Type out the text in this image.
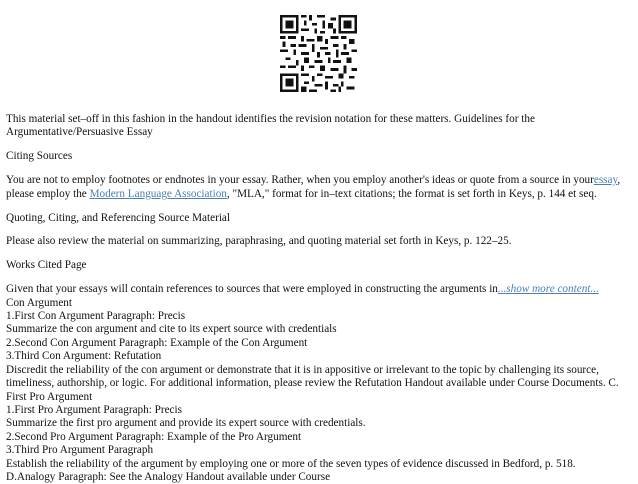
This material set–off in this fashion in the handout identifies the revision notation for these matters. Guidelines for the Argumentative/Persuasive Essay

Citing Sources

You are not to employ footnotes or endnotes in your essay. Rather, when you employ another's ideas or quote from a source in youressay, please employ the Modern Language Association, "MLA," format for in–text citations; the format is set forth in Keys, p. 144 et seq.

Quoting, Citing, and Referencing Source Material

Please also review the material on summarizing, paraphrasing, and quoting material set forth in Keys, p. 122–25.

Works Cited Page

Given that your essays will contain references to sources that were employed in constructing the arguments in...show more content...
Con Argument
1.First Con Argument Paragraph: Precis
Summarize the con argument and cite to its expert source with credentials
2.Second Con Argument Paragraph: Example of the Con Argument
3.Third Con Argument: Refutation
Discredit the reliability of the con argument or demonstrate that it is in appositive or irrelevant to the topic by challenging its source, timeliness, authorship, or logic. For additional information, please review the Refutation Handout available under Course Documents. C. First Pro Argument
1.First Pro Argument Paragraph: Precis
Summarize the first pro argument and provide its expert source with credentials.
2.Second Pro Argument Paragraph: Example of the Pro Argument
3.Third Pro Argument Paragraph
Establish the reliability of the argument by employing one or more of the seven types of evidence discussed in Bedford, p. 518.
D.Analogy Paragraph: See the Analogy Handout available under Course
